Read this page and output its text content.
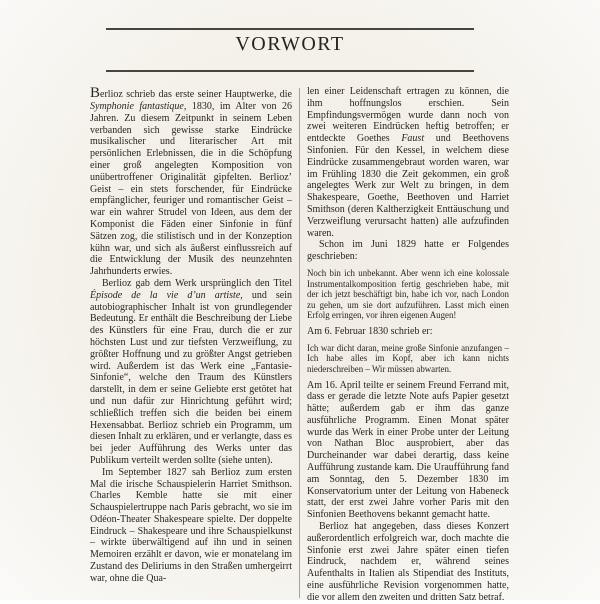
VORWORT

Berlioz schrieb das erste seiner Hauptwerke, die Symphonie fantastique, 1830, im Alter von 26 Jahren. Zu diesem Zeitpunkt in seinem Leben verbanden sich gewisse starke Eindrücke musikalischer und literarischer Art mit persönlichen Erlebnissen, die in die Schöpfung einer groß angelegten Komposition von unübertroffener Originalität gipfelten. Berlioz’ Geist – ein stets forschender, für Eindrücke empfänglicher, feuriger und romantischer Geist – war ein wahrer Strudel von Ideen, aus dem der Komponist die Fäden einer Sinfonie in fünf Sätzen zog, die stilistisch und in der Konzeption kühn war, und sich als äußerst einflussreich auf die Entwicklung der Musik des neunzehnten Jahrhunderts erwies.

Berlioz gab dem Werk ursprünglich den Titel Épisode de la vie d’un artiste, und sein autobiographischer Inhalt ist von grundlegender Bedeutung. Er enthält die Beschreibung der Liebe des Künstlers für eine Frau, durch die er zur höchsten Lust und zur tiefsten Verzweiflung, zu größter Hoffnung und zu größter Angst getrieben wird. Außerdem ist das Werk eine „Fantasie-Sinfonie“, welche den Traum des Künstlers darstellt, in dem er seine Geliebte erst getötet hat und nun dafür zur Hinrichtung geführt wird; schließlich treffen sich die beiden bei einem Hexensabbat. Berlioz schrieb ein Programm, um diesen Inhalt zu erklären, und er verlangte, dass es bei jeder Aufführung des Werks unter das Publikum verteilt werden sollte (siehe unten).

Im September 1827 sah Berlioz zum ersten Mal die irische Schauspielerin Harriet Smithson. Charles Kemble hatte sie mit einer Schauspielertruppe nach Paris gebracht, wo sie im Odéon-Theater Shakespeare spielte. Der doppelte Eindruck – Shakespeare und ihre Schauspielkunst – wirkte überwältigend auf ihn und in seinen Memoiren erzählt er davon, wie er monatelang im Zustand des Deliriums in den Straßen umhergeirrt war, ohne die Qua-

len einer Leidenschaft ertragen zu können, die ihm hoffnungslos erschien. Sein Empfindungsvermögen wurde dann noch von zwei weiteren Eindrücken heftig betroffen; er entdeckte Goethes Faust und Beethovens Sinfonien. Für den Kessel, in welchem diese Eindrücke zusammengebraut worden waren, war im Frühling 1830 die Zeit gekommen, ein groß angelegtes Werk zur Welt zu bringen, in dem Shakespeare, Goethe, Beethoven und Harriet Smithson (deren Kaltherzigkeit Enttäuschung und Verzweiflung verursacht hatten) alle aufzufinden waren.

Schon im Juni 1829 hatte er Folgendes geschrieben:

Noch bin ich unbekannt. Aber wenn ich eine kolossale Instrumentalkomposition fertig geschrieben habe, mit der ich jetzt beschäftigt bin, habe ich vor, nach London zu gehen, um sie dort aufzuführen. Lasst mich einen Erfolg erringen, vor ihren eigenen Augen!

Am 6. Februar 1830 schrieb er:

Ich war dicht daran, meine große Sinfonie anzufangen – Ich habe alles im Kopf, aber ich kann nichts niederschreiben – Wir müssen abwarten.

Am 16. April teilte er seinem Freund Ferrand mit, dass er gerade die letzte Note aufs Papier gesetzt hätte; außerdem gab er ihm das ganze ausführliche Programm. Einen Monat später wurde das Werk in einer Probe unter der Leitung von Nathan Bloc ausprobiert, aber das Durcheinander war dabei derartig, dass keine Aufführung zustande kam. Die Uraufführung fand am Sonntag, den 5. Dezember 1830 im Konservatorium unter der Leitung von Habeneck statt, der erst zwei Jahre vorher Paris mit den Sinfonien Beethovens bekannt gemacht hatte.

Berlioz hat angegeben, dass dieses Konzert außerordentlich erfolgreich war, doch machte die Sinfonie erst zwei Jahre später einen tiefen Eindruck, nachdem er, während seines Aufenthalts in Italien als Stipendiat des Instituts, eine ausführliche Revision vorgenommen hatte, die vor allem den zweiten und dritten Satz betraf.
